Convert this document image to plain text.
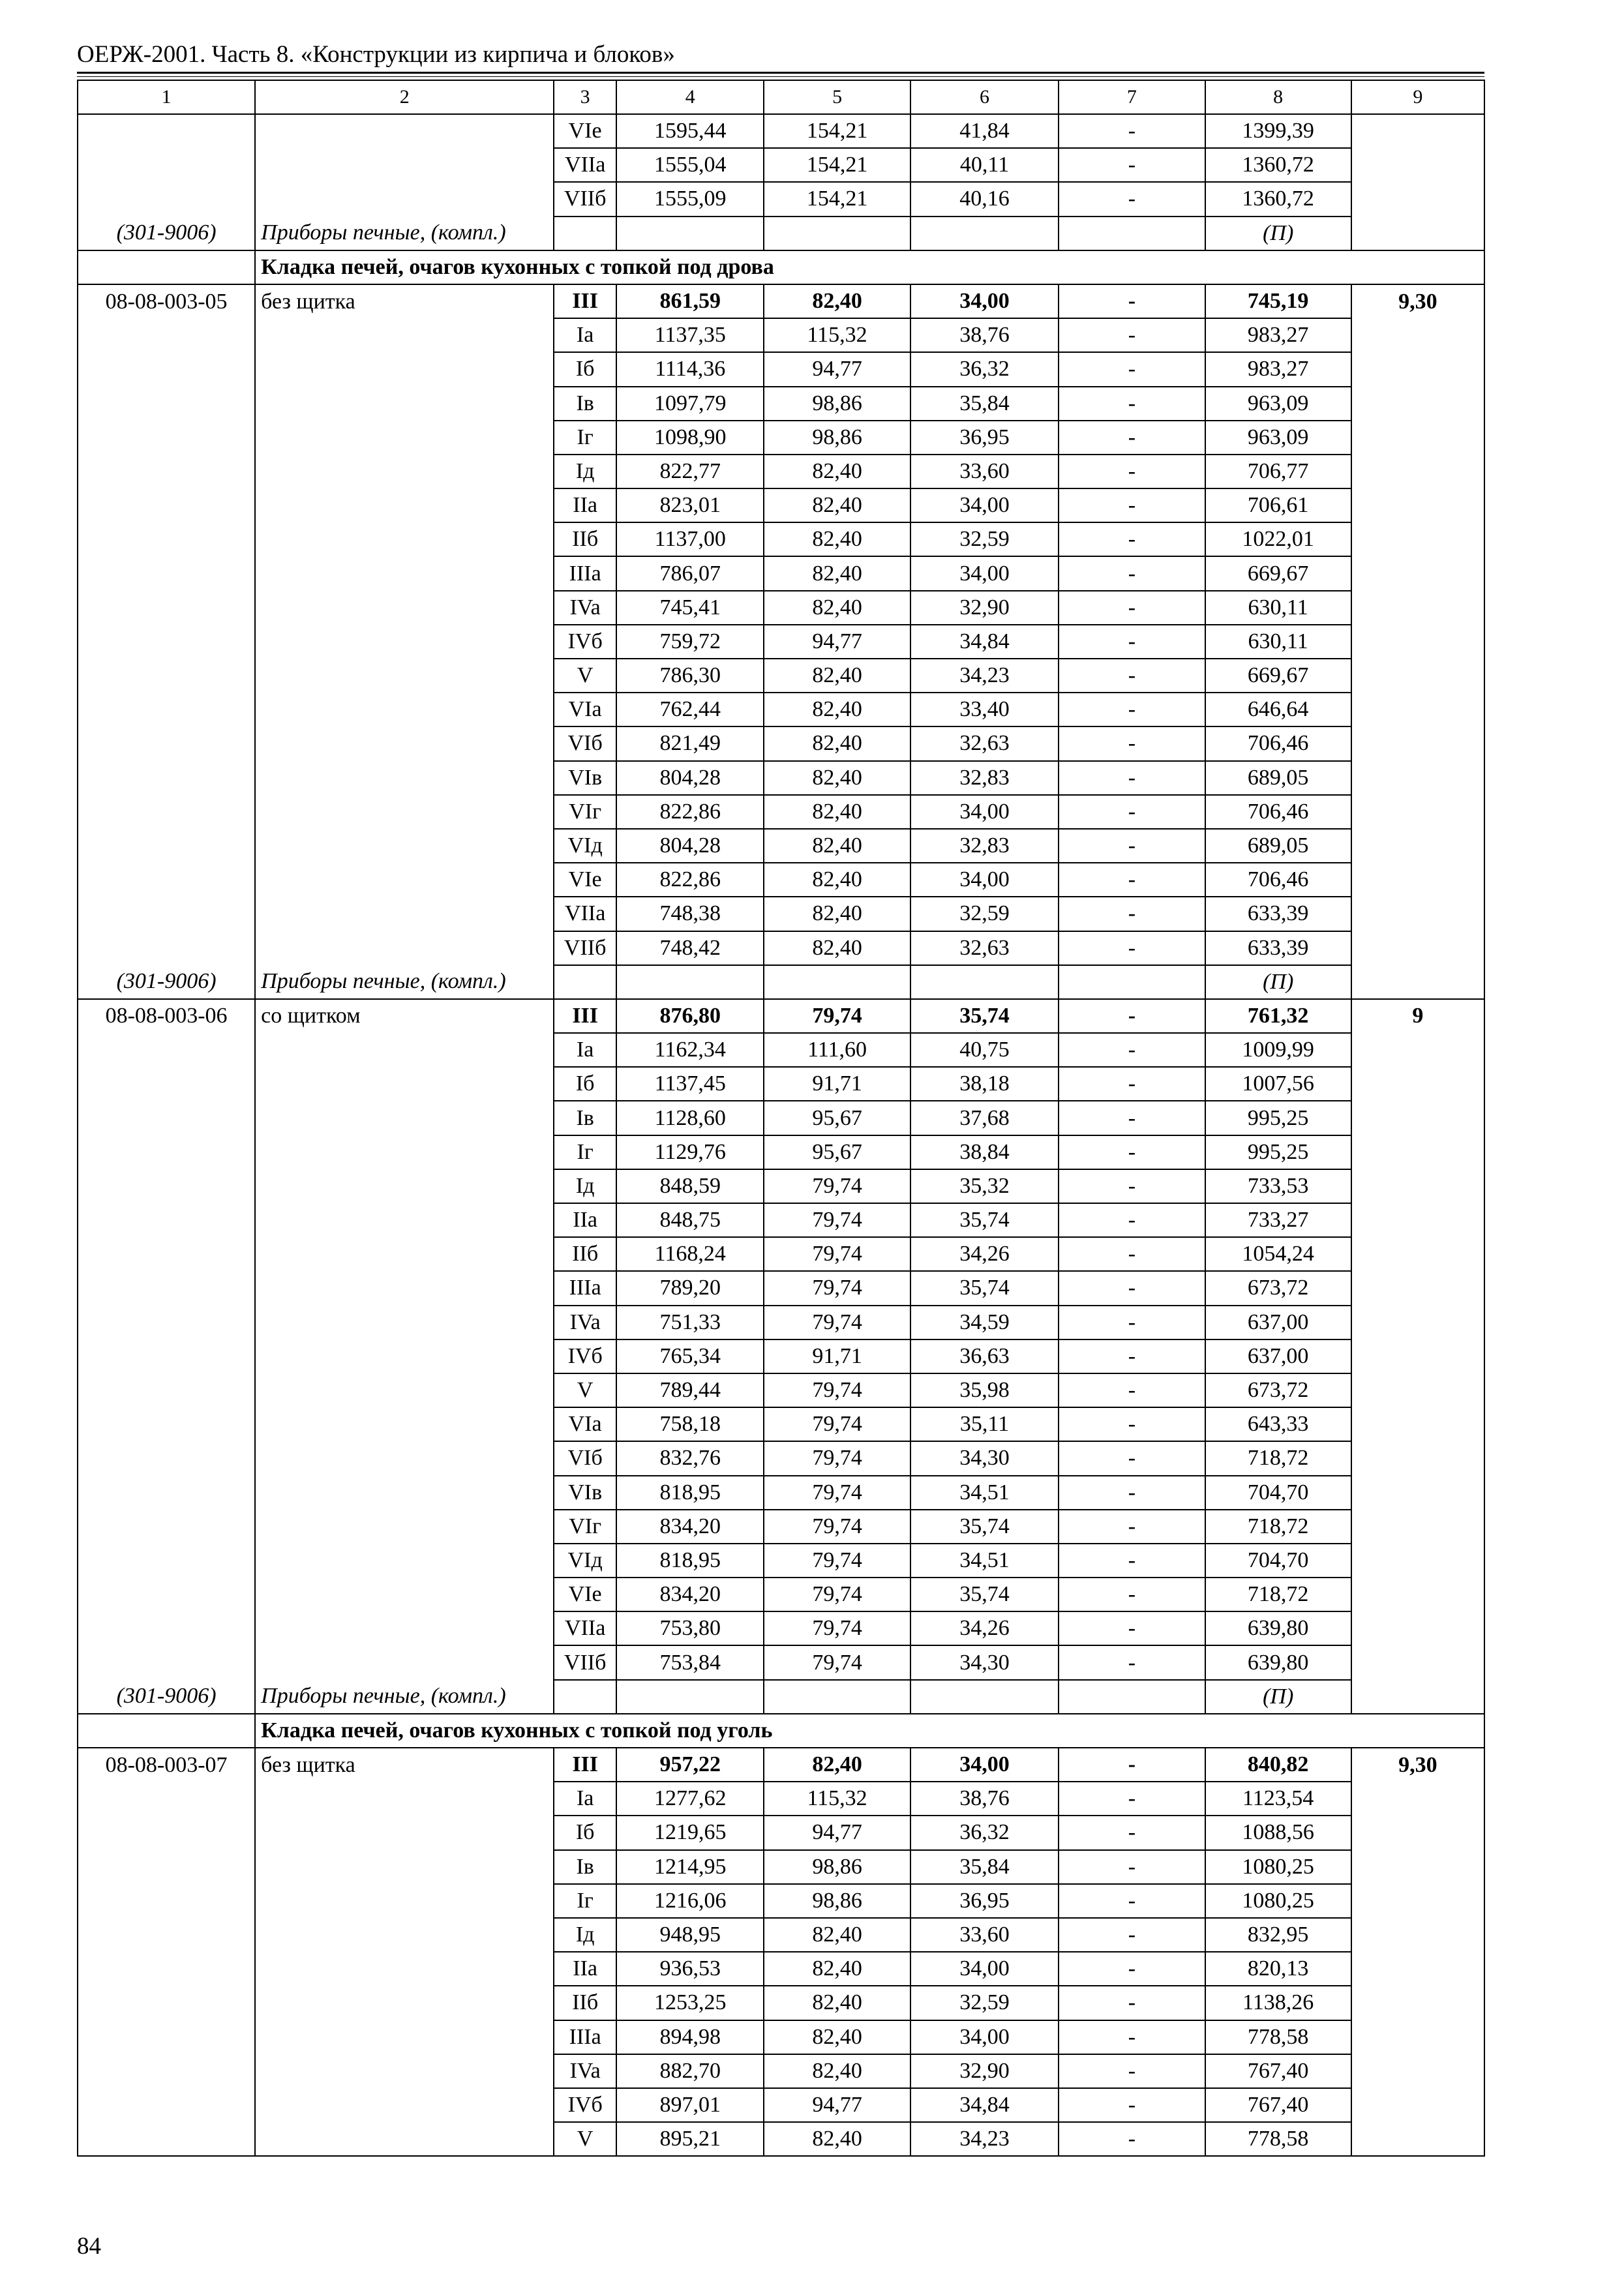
ОЕРЖ-2001. Часть 8. «Конструкции из кирпича и блоков»
1	2	3	4	5	6	7	8	9
		VIe	1595,44	154,21	41,84	-	1399,39	
		VIIa	1555,04	154,21	40,11	-	1360,72	
		VIIб	1555,09	154,21	40,16	-	1360,72	
(301-9006)	Приборы печные, (компл.)						(П)	
	Кладка печей, очагов кухонных с топкой под дрова							
08-08-003-05	без щитка	III	861,59	82,40	34,00	-	745,19	9,30
		Ia	1137,35	115,32	38,76	-	983,27	
		Iб	1114,36	94,77	36,32	-	983,27	
		Iв	1097,79	98,86	35,84	-	963,09	
		Iг	1098,90	98,86	36,95	-	963,09	
		Iд	822,77	82,40	33,60	-	706,77	
		IIa	823,01	82,40	34,00	-	706,61	
		IIб	1137,00	82,40	32,59	-	1022,01	
		IIIa	786,07	82,40	34,00	-	669,67	
		IVa	745,41	82,40	32,90	-	630,11	
		IVб	759,72	94,77	34,84	-	630,11	
		V	786,30	82,40	34,23	-	669,67	
		VIa	762,44	82,40	33,40	-	646,64	
		VIб	821,49	82,40	32,63	-	706,46	
		VIв	804,28	82,40	32,83	-	689,05	
		VIг	822,86	82,40	34,00	-	706,46	
		VIд	804,28	82,40	32,83	-	689,05	
		VIe	822,86	82,40	34,00	-	706,46	
		VIIa	748,38	82,40	32,59	-	633,39	
		VIIб	748,42	82,40	32,63	-	633,39	
(301-9006)	Приборы печные, (компл.)						(П)	
08-08-003-06	со щитком	III	876,80	79,74	35,74	-	761,32	9
		Ia	1162,34	111,60	40,75	-	1009,99	
		Iб	1137,45	91,71	38,18	-	1007,56	
		Iв	1128,60	95,67	37,68	-	995,25	
		Iг	1129,76	95,67	38,84	-	995,25	
		Iд	848,59	79,74	35,32	-	733,53	
		IIa	848,75	79,74	35,74	-	733,27	
		IIб	1168,24	79,74	34,26	-	1054,24	
		IIIa	789,20	79,74	35,74	-	673,72	
		IVa	751,33	79,74	34,59	-	637,00	
		IVб	765,34	91,71	36,63	-	637,00	
		V	789,44	79,74	35,98	-	673,72	
		VIa	758,18	79,74	35,11	-	643,33	
		VIб	832,76	79,74	34,30	-	718,72	
		VIв	818,95	79,74	34,51	-	704,70	
		VIг	834,20	79,74	35,74	-	718,72	
		VIд	818,95	79,74	34,51	-	704,70	
		VIe	834,20	79,74	35,74	-	718,72	
		VIIa	753,80	79,74	34,26	-	639,80	
		VIIб	753,84	79,74	34,30	-	639,80	
(301-9006)	Приборы печные, (компл.)						(П)	
	Кладка печей, очагов кухонных с топкой под уголь							
08-08-003-07	без щитка	III	957,22	82,40	34,00	-	840,82	9,30
		Ia	1277,62	115,32	38,76	-	1123,54	
		Iб	1219,65	94,77	36,32	-	1088,56	
		Iв	1214,95	98,86	35,84	-	1080,25	
		Iг	1216,06	98,86	36,95	-	1080,25	
		Iд	948,95	82,40	33,60	-	832,95	
		IIa	936,53	82,40	34,00	-	820,13	
		IIб	1253,25	82,40	32,59	-	1138,26	
		IIIa	894,98	82,40	34,00	-	778,58	
		IVa	882,70	82,40	32,90	-	767,40	
		IVб	897,01	94,77	34,84	-	767,40	
		V	895,21	82,40	34,23	-	778,58	
84
